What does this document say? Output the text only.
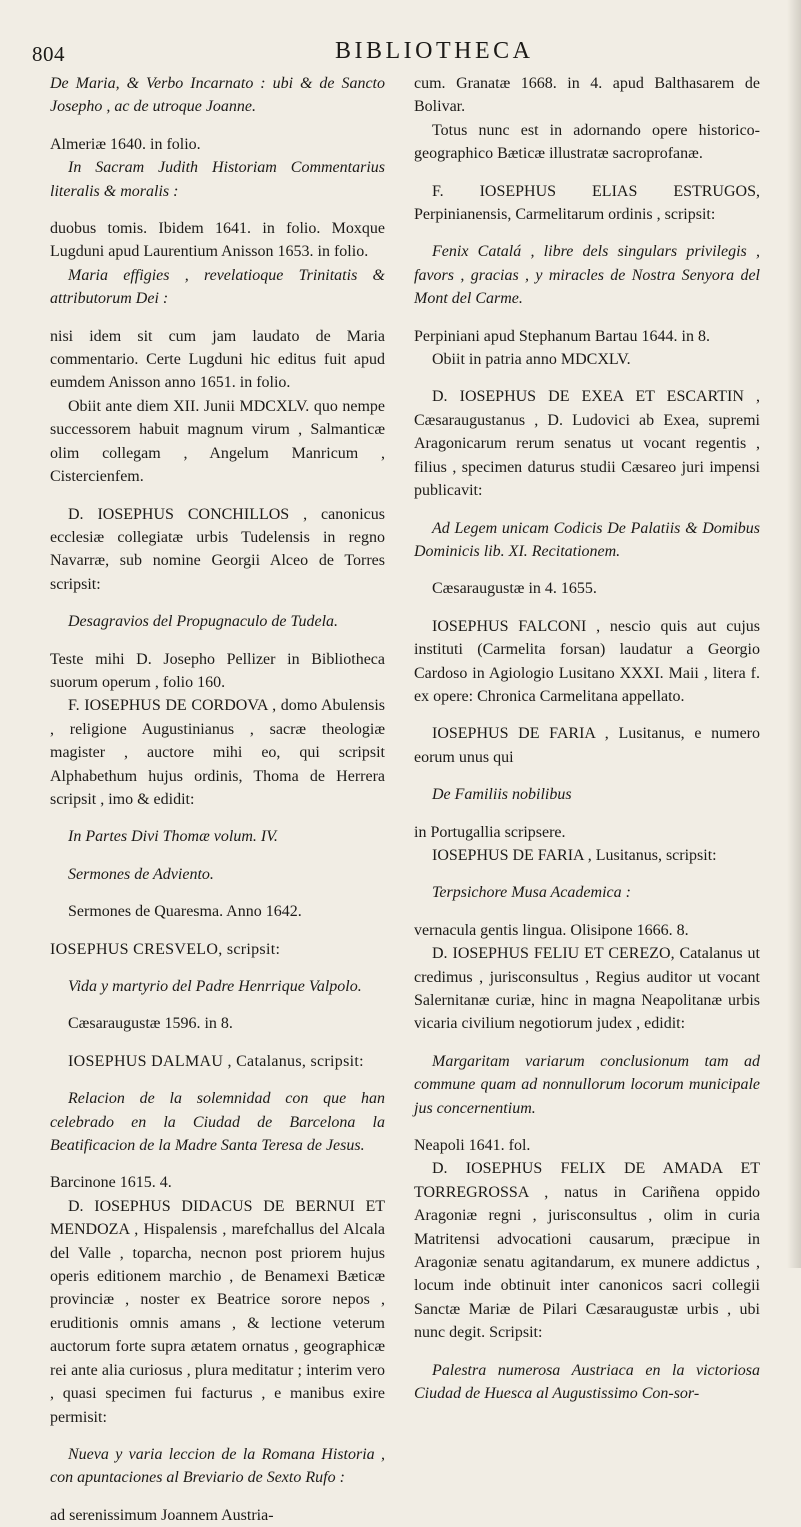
804	BIBLIOTHECA

De Maria, & Verbo Incarnato : ubi & de Sancto Josepho , ac de utroque Joanne.

Almeriæ 1640. in folio.

In Sacram Judith Historiam Commentarius literalis & moralis :

duobus tomis. Ibidem 1641. in folio. Moxque Lugduni apud Laurentium Anisson 1653. in folio.

Maria effigies , revelatioque Trinitatis & attributorum Dei :

nisi idem sit cum jam laudato de Maria commentario. Certe Lugduni hic editus fuit apud eumdem Anisson anno 1651. in folio.

Obiit ante diem XII. Junii MDCXLV. quo nempe successorem habuit magnum virum , Salmanticæ olim collegam , Angelum Manricum , Cistercienfem.

D. IOSEPHUS CONCHILLOS , canonicus ecclesiæ collegiatæ urbis Tudelensis in regno Navarræ, sub nomine Georgii Alceo de Torres scripsit:

Desagravios del Propugnaculo de Tudela.

Teste mihi D. Josepho Pellizer in Bibliotheca suorum operum , folio 160.

F. IOSEPHUS DE CORDOVA , domo Abulensis , religione Augustinianus , sacræ theologiæ magister , auctore mihi eo, qui scripsit Alphabethum hujus ordinis, Thoma de Herrera scripsit , imo & edidit:

In Partes Divi Thomæ volum. IV.

Sermones de Adviento.

Sermones de Quaresma. Anno 1642.

IOSEPHUS CRESVELO, scripsit:

Vida y martyrio del Padre Henrrique Valpolo.

Cæsaraugustæ 1596. in 8.

IOSEPHUS DALMAU , Catalanus, scripsit:

Relacion de la solemnidad con que han celebrado en la Ciudad de Barcelona la Beatificacion de la Madre Santa Teresa de Jesus.

Barcinone 1615. 4.

D. IOSEPHUS DIDACUS DE BERNUI ET MENDOZA , Hispalensis , marefchallus del Alcala del Valle , toparcha, necnon post priorem hujus operis editionem marchio , de Benamexi Bæticæ provinciæ , noster ex Beatrice sorore nepos , eruditionis omnis amans , & lectione veterum auctorum forte supra ætatem ornatus , geographicæ rei ante alia curiosus , plura meditatur ; interim vero , quasi specimen fui facturus , e manibus exire permisit:

Nueva y varia leccion de la Romana Historia , con apuntaciones al Breviario de Sexto Rufo :

ad serenissimum Joannem Austria-

cum. Granatæ 1668. in 4. apud Balthasarem de Bolivar.

Totus nunc est in adornando opere historico-geographico Bæticæ illustratæ sacroprofanæ.

F. IOSEPHUS ELIAS ESTRUGOS, Perpinianensis, Carmelitarum ordinis , scripsit:

Fenix Catalá , libre dels singulars privilegis , favors , gracias , y miracles de Nostra Senyora del Mont del Carme.

Perpiniani apud Stephanum Bartau 1644. in 8.

Obiit in patria anno MDCXLV.

D. IOSEPHUS DE EXEA ET ESCARTIN , Cæsaraugustanus , D. Ludovici ab Exea, supremi Aragonicarum rerum senatus ut vocant regentis , filius , specimen daturus studii Cæsareo juri impensi publicavit:

Ad Legem unicam Codicis De Palatiis & Domibus Dominicis lib. XI. Recitationem.

Cæsaraugustæ in 4. 1655.

IOSEPHUS FALCONI , nescio quis aut cujus instituti (Carmelita forsan) laudatur a Georgio Cardoso in Agiologio Lusitano XXXI. Maii , litera f. ex opere: Chronica Carmelitana appellato.

IOSEPHUS DE FARIA , Lusitanus, e numero eorum unus qui

De Familiis nobilibus

in Portugallia scripsere.

IOSEPHUS DE FARIA , Lusitanus, scripsit:

Terpsichore Musa Academica :

vernacula gentis lingua. Olisipone 1666. 8.

D. IOSEPHUS FELIU ET CEREZO, Catalanus ut credimus , jurisconsultus , Regius auditor ut vocant Salernitanæ curiæ, hinc in magna Neapolitanæ urbis vicaria civilium negotiorum judex , edidit:

Margaritam variarum conclusionum tam ad commune quam ad nonnullorum locorum municipale jus concernentium.

Neapoli 1641. fol.

D. IOSEPHUS FELIX DE AMADA ET TORREGROSSA , natus in Cariñena oppido Aragoniæ regni , jurisconsultus , olim in curia Matritensi advocationi causarum, præcipue in Aragoniæ senatu agitandarum, ex munere addictus , locum inde obtinuit inter canonicos sacri collegii Sanctæ Mariæ de Pilari Cæsaraugustæ urbis , ubi nunc degit. Scripsit:

Palestra numerosa Austriaca en la victoriosa Ciudad de Huesca al Augustissimo Con-sor-
